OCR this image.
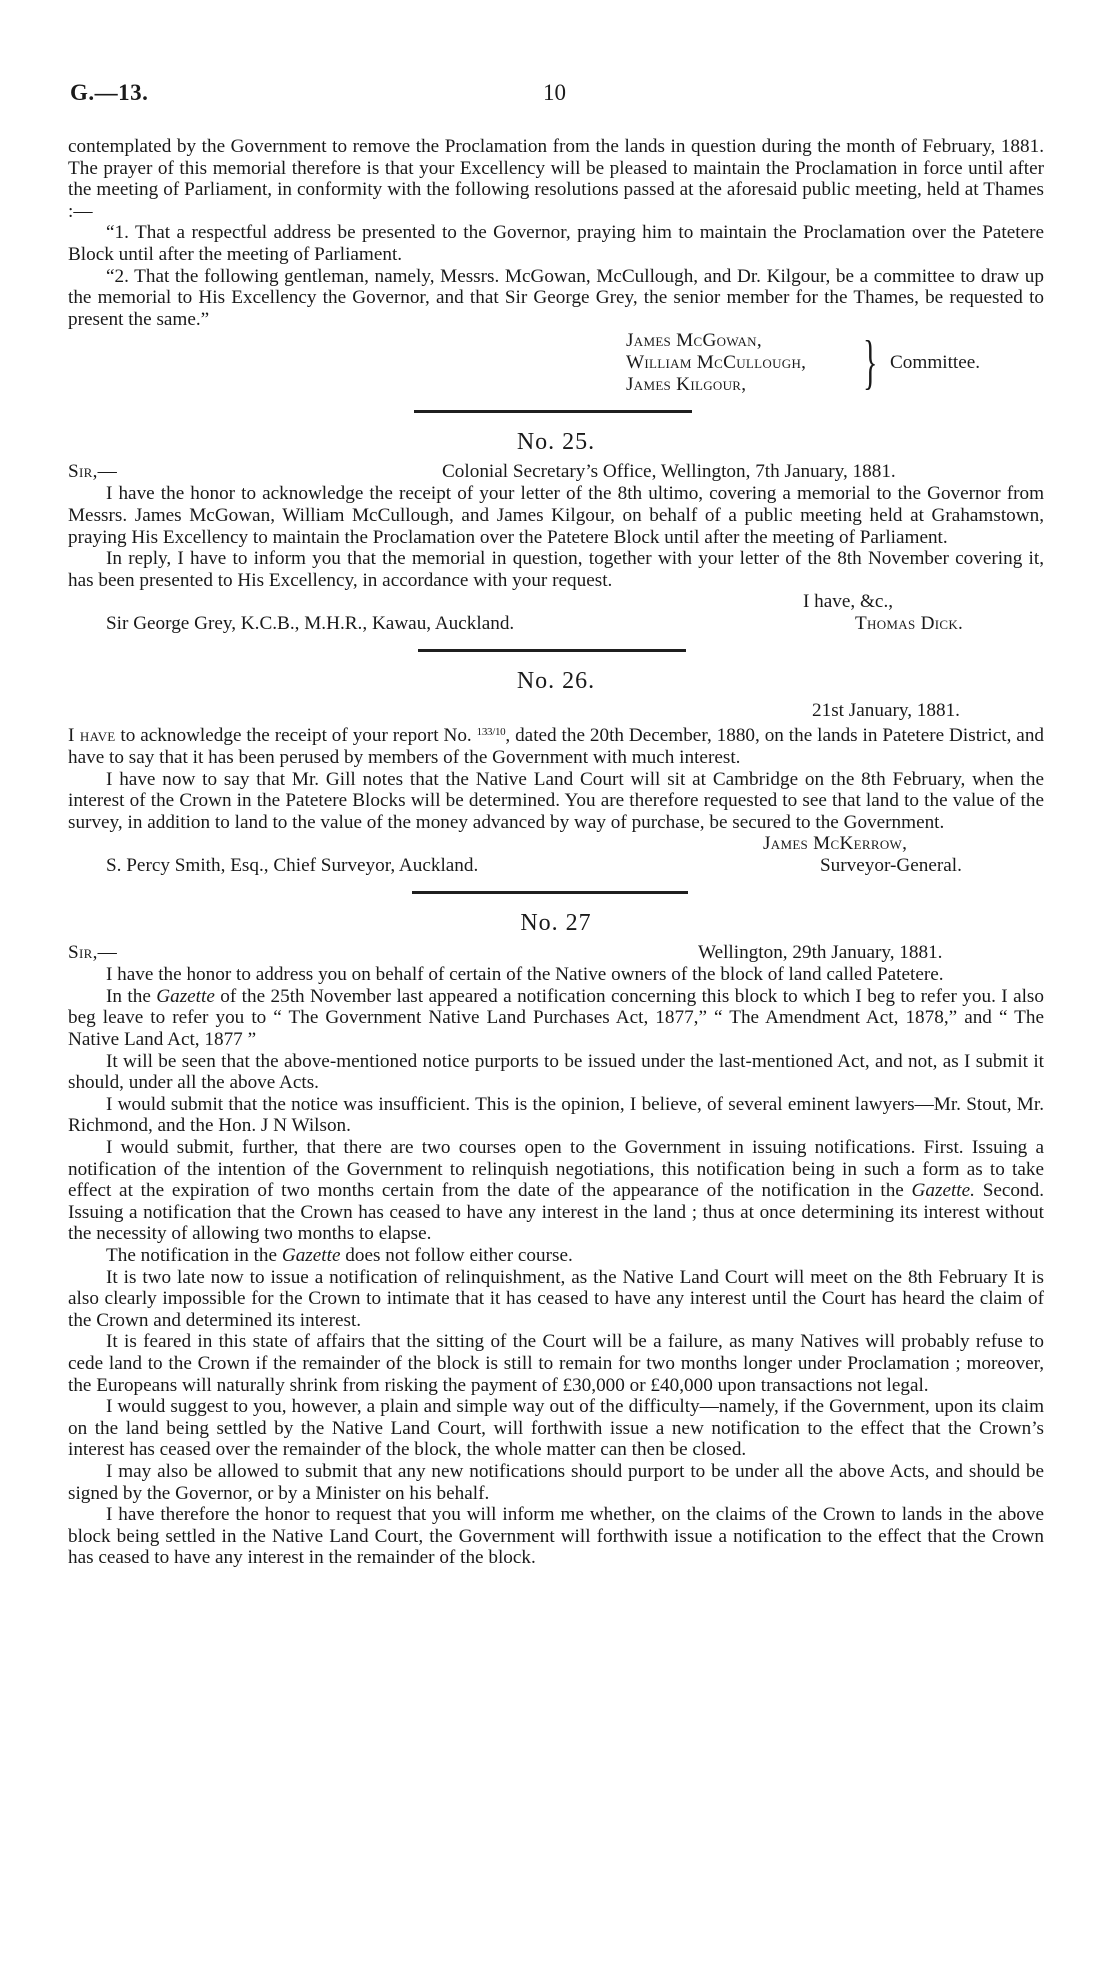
G.—13.	10

contemplated by the Government to remove the Proclamation from the lands in question during the month of February, 1881. The prayer of this memorial therefore is that your Excellency will be pleased to maintain the Proclamation in force until after the meeting of Parliament, in conformity with the following resolutions passed at the aforesaid public meeting, held at Thames :—

“1. That a respectful address be presented to the Governor, praying him to maintain the Proclamation over the Patetere Block until after the meeting of Parliament.

“2. That the following gentleman, namely, Messrs. McGowan, McCullough, and Dr. Kilgour, be a committee to draw up the memorial to His Excellency the Governor, and that Sir George Grey, the senior member for the Thames, be requested to present the same.”

James McGowan,
William McCullough,
James Kilgour,	} Committee.
No. 25.
Sir,—	Colonial Secretary’s Office, Wellington, 7th January, 1881.

I have the honor to acknowledge the receipt of your letter of the 8th ultimo, covering a memorial to the Governor from Messrs. James McGowan, William McCullough, and James Kilgour, on behalf of a public meeting held at Grahamstown, praying His Excellency to maintain the Proclamation over the Patetere Block until after the meeting of Parliament.

In reply, I have to inform you that the memorial in question, together with your letter of the 8th November covering it, has been presented to His Excellency, in accordance with your request.

I have, &c.,
Sir George Grey, K.C.B., M.H.R., Kawau, Auckland.	Thomas Dick.
No. 26.
21st January, 1881.

I have to acknowledge the receipt of your report No. $^{133/10}$, dated the 20th December, 1880, on the lands in Patetere District, and have to say that it has been perused by members of the Government with much interest.

I have now to say that Mr. Gill notes that the Native Land Court will sit at Cambridge on the 8th February, when the interest of the Crown in the Patetere Blocks will be determined. You are therefore requested to see that land to the value of the survey, in addition to land to the value of the money advanced by way of purchase, be secured to the Government.

James McKerrow,
S. Percy Smith, Esq., Chief Surveyor, Auckland.	Surveyor-General.
No. 27
Sir,—	Wellington, 29th January, 1881.

I have the honor to address you on behalf of certain of the Native owners of the block of land called Patetere.

In the Gazette of the 25th November last appeared a notification concerning this block to which I beg to refer you. I also beg leave to refer you to “ The Government Native Land Purchases Act, 1877,” “ The Amendment Act, 1878,” and “ The Native Land Act, 1877 ”

It will be seen that the above-mentioned notice purports to be issued under the last-mentioned Act, and not, as I submit it should, under all the above Acts.

I would submit that the notice was insufficient. This is the opinion, I believe, of several eminent lawyers—Mr. Stout, Mr. Richmond, and the Hon. J N Wilson.

I would submit, further, that there are two courses open to the Government in issuing notifications. First. Issuing a notification of the intention of the Government to relinquish negotiations, this notification being in such a form as to take effect at the expiration of two months certain from the date of the appearance of the notification in the Gazette. Second. Issuing a notification that the Crown has ceased to have any interest in the land ; thus at once determining its interest without the necessity of allowing two months to elapse.

The notification in the Gazette does not follow either course.

It is two late now to issue a notification of relinquishment, as the Native Land Court will meet on the 8th February It is also clearly impossible for the Crown to intimate that it has ceased to have any interest until the Court has heard the claim of the Crown and determined its interest.

It is feared in this state of affairs that the sitting of the Court will be a failure, as many Natives will probably refuse to cede land to the Crown if the remainder of the block is still to remain for two months longer under Proclamation ; moreover, the Europeans will naturally shrink from risking the payment of £30,000 or £40,000 upon transactions not legal.

I would suggest to you, however, a plain and simple way out of the difficulty—namely, if the Government, upon its claim on the land being settled by the Native Land Court, will forthwith issue a new notification to the effect that the Crown’s interest has ceased over the remainder of the block, the whole matter can then be closed.

I may also be allowed to submit that any new notifications should purport to be under all the above Acts, and should be signed by the Governor, or by a Minister on his behalf.

I have therefore the honor to request that you will inform me whether, on the claims of the Crown to lands in the above block being settled in the Native Land Court, the Government will forthwith issue a notification to the effect that the Crown has ceased to have any interest in the remainder of the block.
